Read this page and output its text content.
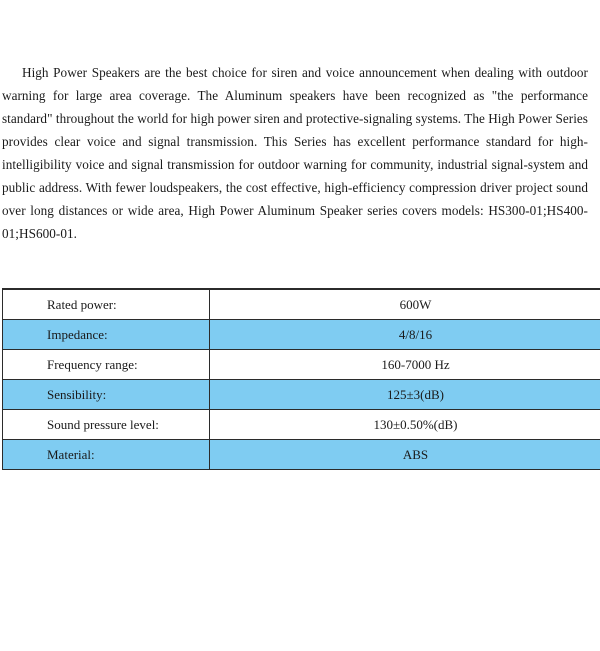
High Power Speakers are the best choice for siren and voice announcement when dealing with outdoor warning for large area coverage. The Aluminum speakers have been recognized as "the performance standard" throughout the world for high power siren and protective-signaling systems. The High Power Series provides clear voice and signal transmission. This Series has excellent performance standard for high-intelligibility voice and signal transmission for outdoor warning for community, industrial signal-system and public address. With fewer loudspeakers, the cost effective, high-efficiency compression driver project sound over long distances or wide area, High Power Aluminum Speaker series covers models: HS300-01;HS400-01;HS600-01.

Rated power:	600W
Impedance:	4/8/16
Frequency range:	160-7000 Hz
Sensibility:	125±3(dB)
Sound pressure level:	130±0.50%(dB)
Material:	ABS
